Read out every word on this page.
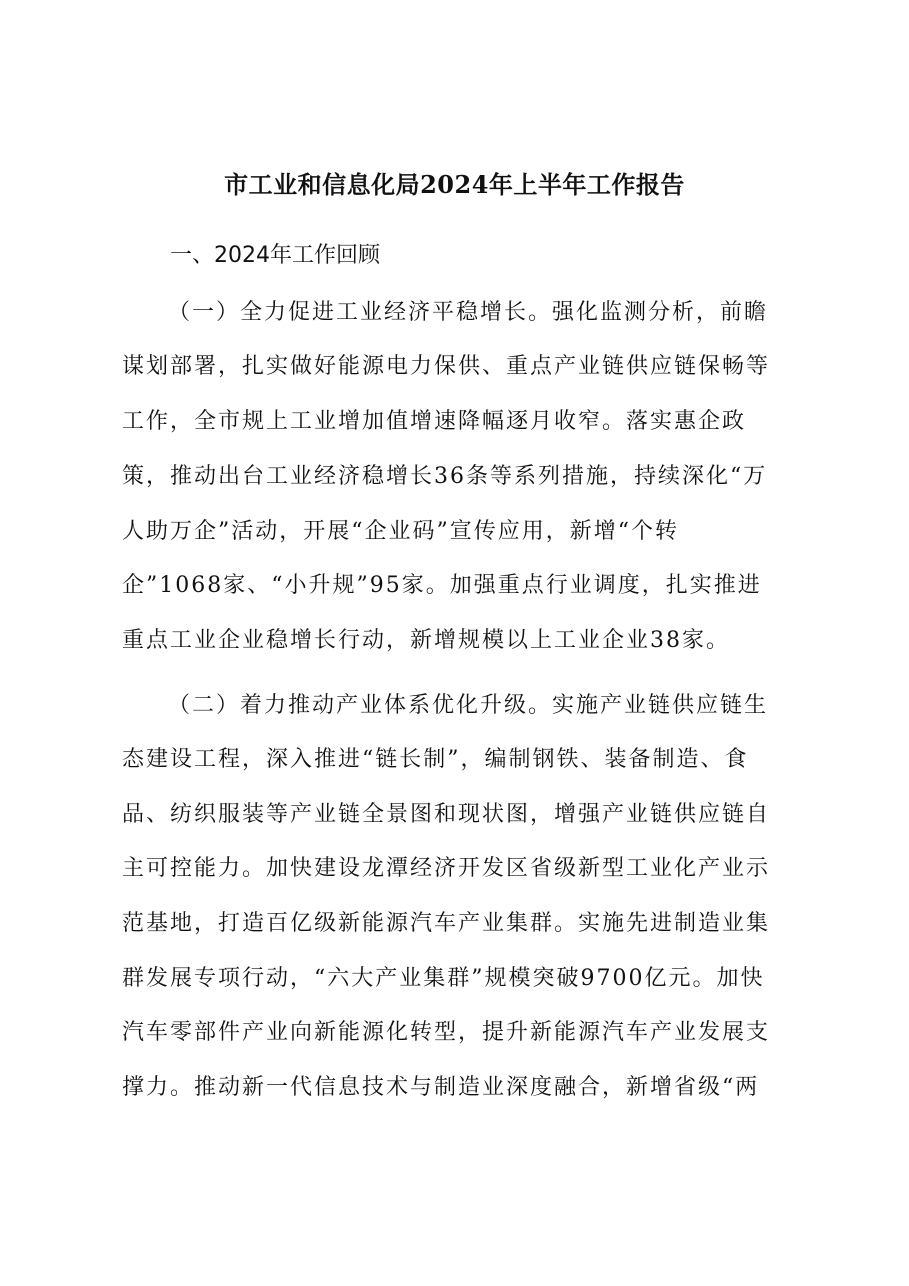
市工业和信息化局2024年上半年工作报告
一、2024年工作回顾
（一）全力促进工业经济平稳增长。强化监测分析，前瞻
谋划部署，扎实做好能源电力保供、重点产业链供应链保畅等
工作，全市规上工业增加值增速降幅逐月收窄。落实惠企政
策，推动出台工业经济稳增长36条等系列措施，持续深化“万
人助万企”活动，开展“企业码”宣传应用，新增“个转
企”1068家、“小升规”95家。加强重点行业调度，扎实推进
重点工业企业稳增长行动，新增规模以上工业企业38家。
（二）着力推动产业体系优化升级。实施产业链供应链生
态建设工程，深入推进“链长制”，编制钢铁、装备制造、食
品、纺织服装等产业链全景图和现状图，增强产业链供应链自
主可控能力。加快建设龙潭经济开发区省级新型工业化产业示
范基地，打造百亿级新能源汽车产业集群。实施先进制造业集
群发展专项行动，“六大产业集群”规模突破9700亿元。加快
汽车零部件产业向新能源化转型，提升新能源汽车产业发展支
撑力。推动新一代信息技术与制造业深度融合，新增省级“两
